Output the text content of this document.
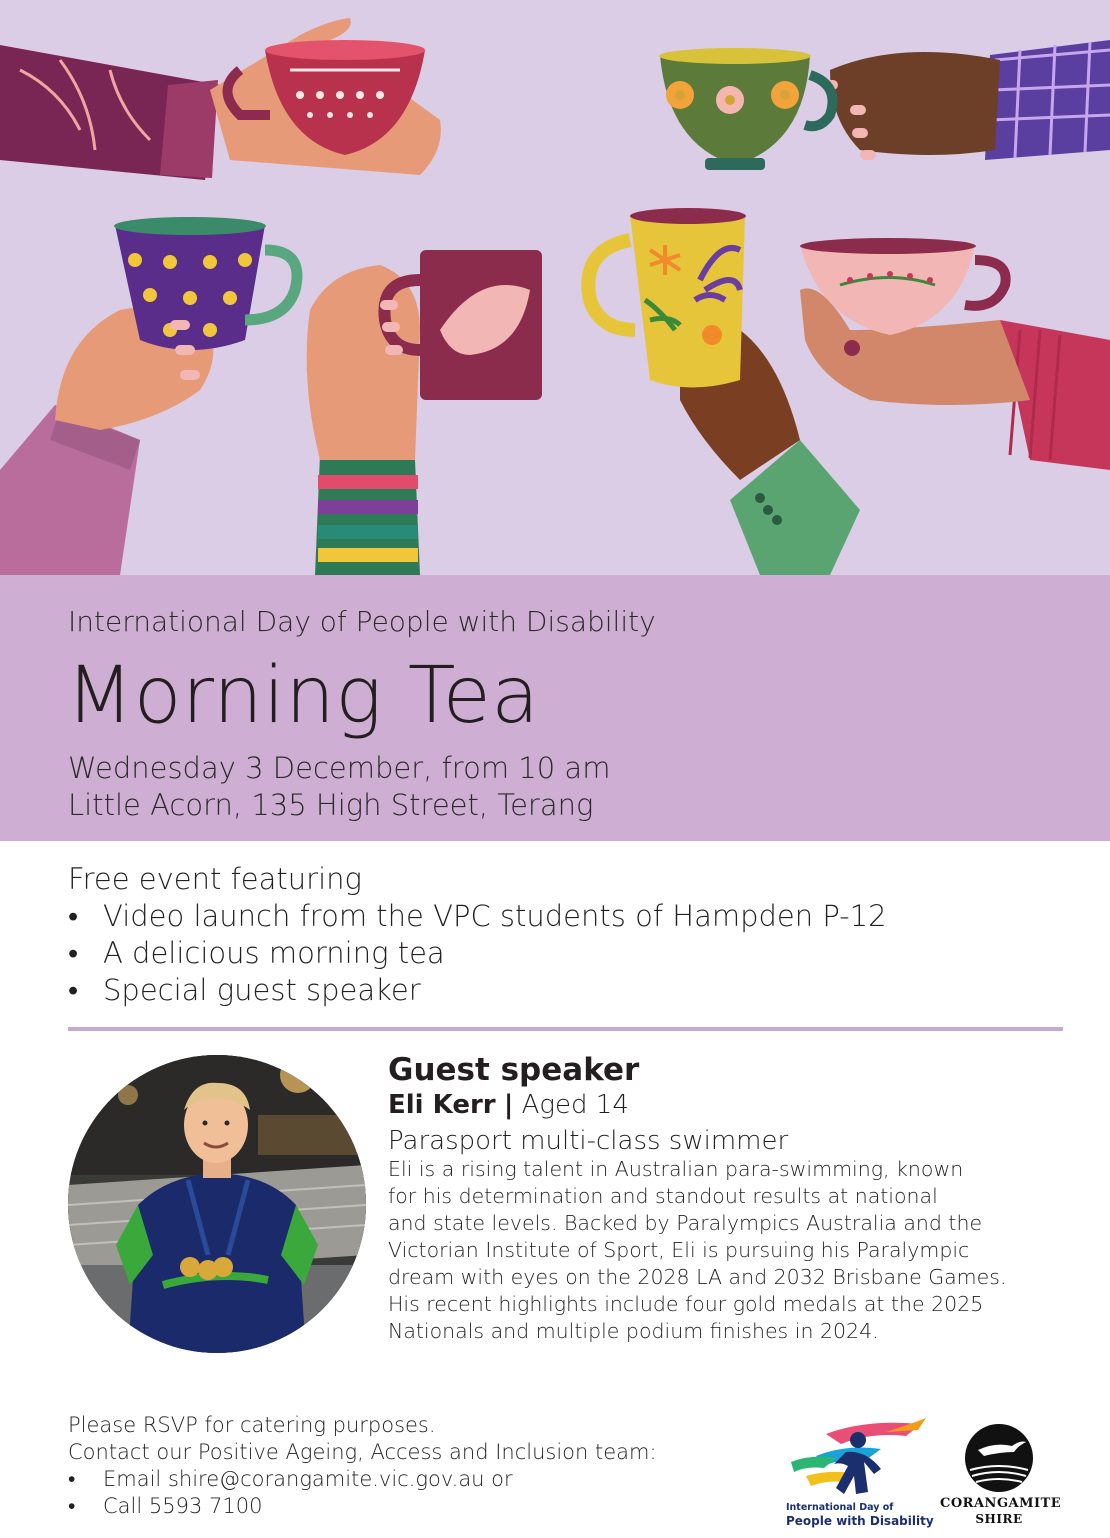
International Day of People with Disability
Morning Tea
Wednesday 3 December, from 10 am
Little Acorn, 135 High Street, Terang
Free event featuring
• Video launch from the VPC students of Hampden P-12
• A delicious morning tea
• Special guest speaker
Guest speaker
Eli Kerr | Aged 14
Parasport multi-class swimmer
Eli is a rising talent in Australian para-swimming, known
for his determination and standout results at national
and state levels. Backed by Paralympics Australia and the
Victorian Institute of Sport, Eli is pursuing his Paralympic
dream with eyes on the 2028 LA and 2032 Brisbane Games.
His recent highlights include four gold medals at the 2025
Nationals and multiple podium finishes in 2024.
Please RSVP for catering purposes.
Contact our Positive Ageing, Access and Inclusion team:
• Email shire@corangamite.vic.gov.au or
• Call 5593 7100	International Day of
People with Disability
CORANGAMITE
SHIRE
